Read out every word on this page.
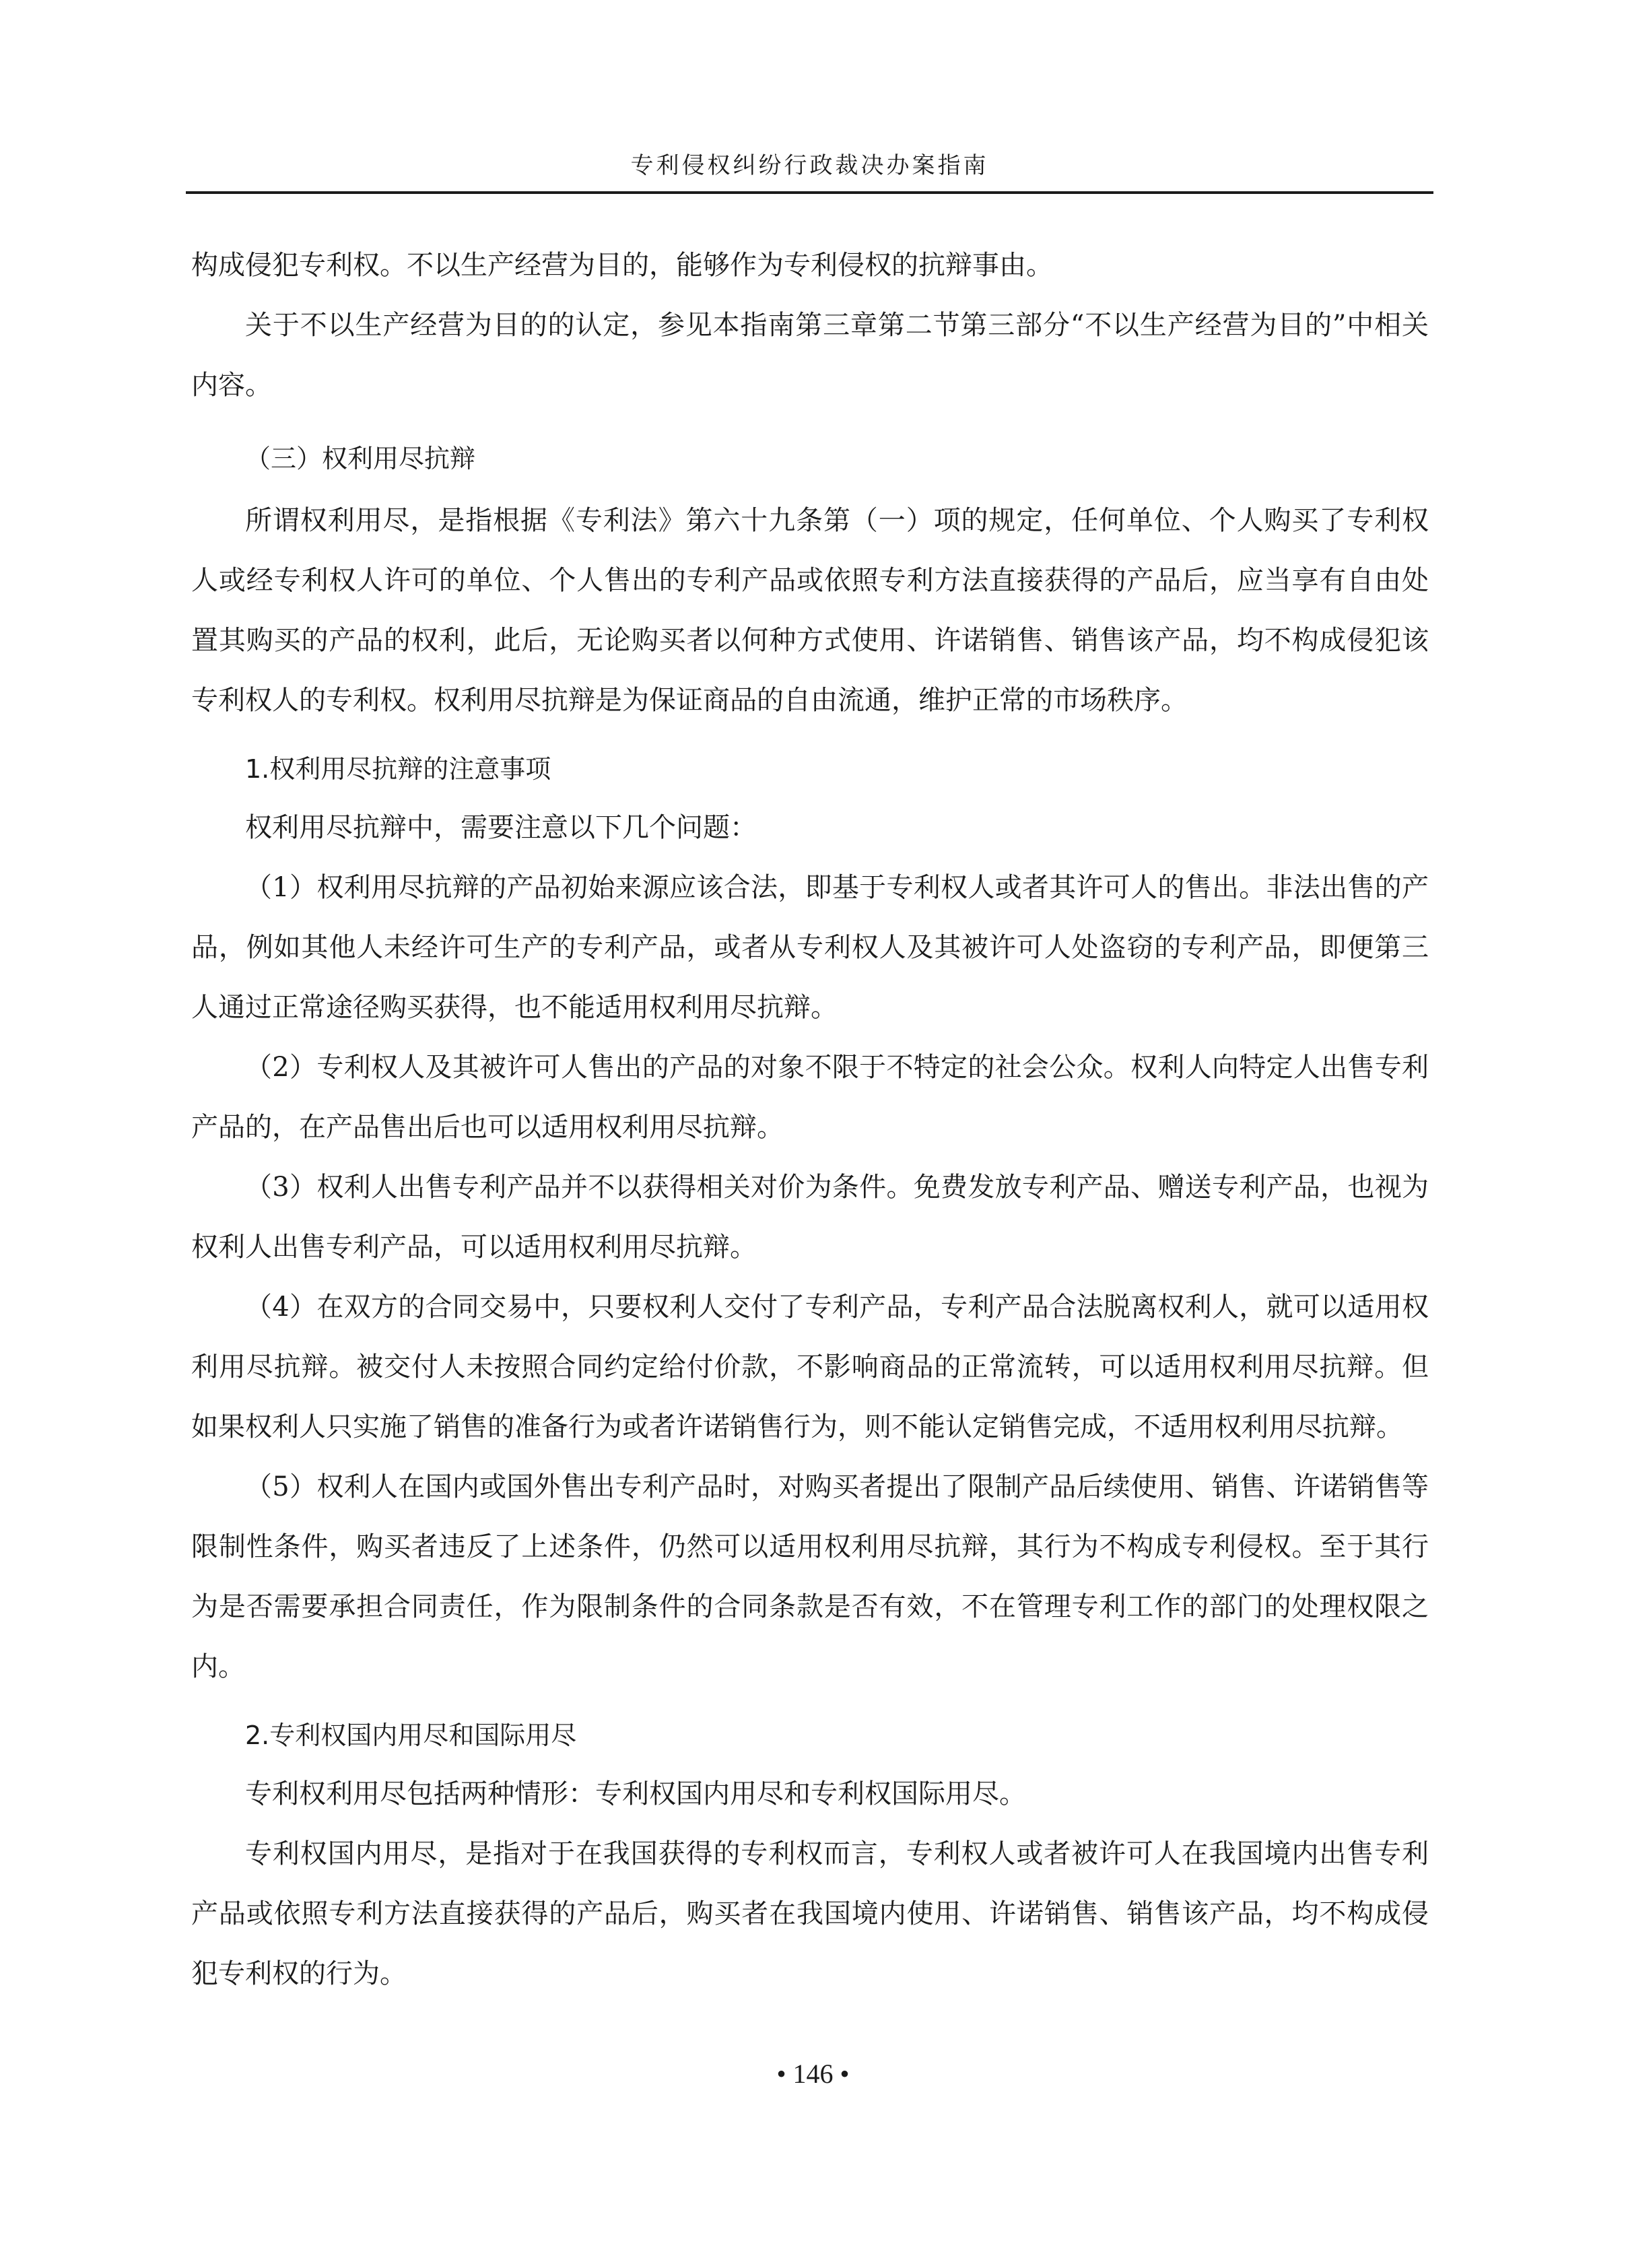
专利侵权纠纷行政裁决办案指南

构成侵犯专利权。不以生产经营为目的，能够作为专利侵权的抗辩事由。

关于不以生产经营为目的的认定，参见本指南第三章第二节第三部分“不以生产经营为目的”中相关内容。

（三）权利用尽抗辩

所谓权利用尽，是指根据《专利法》第六十九条第（一）项的规定，任何单位、个人购买了专利权人或经专利权人许可的单位、个人售出的专利产品或依照专利方法直接获得的产品后，应当享有自由处置其购买的产品的权利，此后，无论购买者以何种方式使用、许诺销售、销售该产品，均不构成侵犯该专利权人的专利权。权利用尽抗辩是为保证商品的自由流通，维护正常的市场秩序。

1.权利用尽抗辩的注意事项

权利用尽抗辩中，需要注意以下几个问题：

（1）权利用尽抗辩的产品初始来源应该合法，即基于专利权人或者其许可人的售出。非法出售的产品，例如其他人未经许可生产的专利产品，或者从专利权人及其被许可人处盗窃的专利产品，即便第三人通过正常途径购买获得，也不能适用权利用尽抗辩。

（2）专利权人及其被许可人售出的产品的对象不限于不特定的社会公众。权利人向特定人出售专利产品的，在产品售出后也可以适用权利用尽抗辩。

（3）权利人出售专利产品并不以获得相关对价为条件。免费发放专利产品、赠送专利产品，也视为权利人出售专利产品，可以适用权利用尽抗辩。

（4）在双方的合同交易中，只要权利人交付了专利产品，专利产品合法脱离权利人，就可以适用权利用尽抗辩。被交付人未按照合同约定给付价款，不影响商品的正常流转，可以适用权利用尽抗辩。但如果权利人只实施了销售的准备行为或者许诺销售行为，则不能认定销售完成，不适用权利用尽抗辩。

（5）权利人在国内或国外售出专利产品时，对购买者提出了限制产品后续使用、销售、许诺销售等限制性条件，购买者违反了上述条件，仍然可以适用权利用尽抗辩，其行为不构成专利侵权。至于其行为是否需要承担合同责任，作为限制条件的合同条款是否有效，不在管理专利工作的部门的处理权限之内。

2.专利权国内用尽和国际用尽

专利权利用尽包括两种情形：专利权国内用尽和专利权国际用尽。

专利权国内用尽，是指对于在我国获得的专利权而言，专利权人或者被许可人在我国境内出售专利产品或依照专利方法直接获得的产品后，购买者在我国境内使用、许诺销售、销售该产品，均不构成侵犯专利权的行为。

• 146 •
